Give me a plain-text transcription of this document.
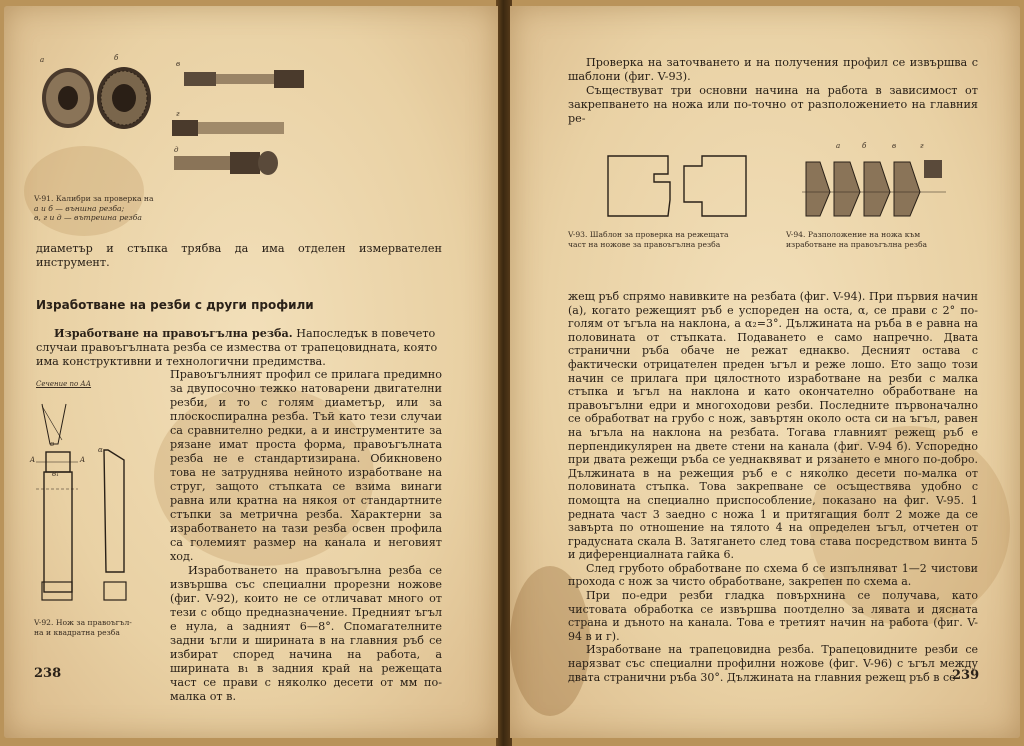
а	б
в
г
д
V-91. Калибри за проверка на
а и б — външна резба;
в, г и д — вътрешна резба

диаметър и стъпка трябва да има отделен измервателен инструмент.

Изработване на резби с други профили

Изработване на правоъгълна резба. Напоследък в повечето

случаи правоъгълната резба се измества от трапецовидната, която

има конструктивни и технологични предимства.

Сечение по АА
A	A
в
в₁
α
V-92. Нож за правоъгъл-
на и квадратна резба

Правоъгълният профил се прилага предимно за двупосочно тежко натоварени двигателни резби, и то с голям диаметър, или за плоскоспирална резба. Тъй като тези случаи са сравнително редки, а и инструментите за рязане имат проста форма, правоъгълната резба не е стандартизирана. Обикновено това не затруднява нейното изработване на струг, защото стъпката се взима винаги равна или кратна на някоя от стандартните стъпки за метрична резба. Характерни за изработването на тази резба освен профила са големият размер на канала и неговият ход.

Изработването на правоъгълна резба се извършва със специални прорезни ножове (фиг. V-92), които не се отличават много от тези с общо предназначение. Предният ъгъл е нула, а задният 6—8°. Спомагателните задни ъгли и ширината в на главния ръб се избират според начина на работа, а ширината в₁ в задния край на режещата част се прави с няколко десети от мм по-малка от в.

238

Проверка на заточването и на получения профил се извършва с шаблони (фиг. V-93).

Съществуват три основни начина на работа в зависимост от закрепването на ножа или по-точно от разположението на главния ре-

V-93. Шаблон за проверка на режещата
част на ножове за правоъгълна резба
а	б	в	г
V-94. Разположение на ножа към
изработване на правоъгълна резба

жещ ръб спрямо навивките на резбата (фиг. V-94). При първия начин (а), когато режещият ръб е успореден на оста, α, се прави с 2° по-голям от ъгъла на наклона, а α₂=3°. Дължината на ръба в е равна на половината от стъпката. Подаването е само напречно. Двата странични ръба обаче не режат еднакво. Десният остава с фактически отрицателен преден ъгъл и реже лошо. Ето защо този начин се прилага при цялостното изработване на резби с малка стъпка и ъгъл на наклона и като окончателно обработване на правоъгълни едри и многоходови резби. Последните първоначално се обработват на грубо с нож, завъртян около оста си на ъгъл, равен на ъгъла на наклона на резбата. Тогава главният режещ ръб е перпендикулярен на двете стени на канала (фиг. V-94 б). Успоредно при двата режещи ръба се уеднаквяват и рязането е много по-добро. Дължината в на режещия ръб е с няколко десети по-малка от половината стъпка. Това закрепване се осъществява удобно с помощта на специално приспособление, показано на фиг. V-95. 1 редната част 3 заедно с ножа 1 и притягащия болт 2 може да се завърта по отношение на тялото 4 на определен ъгъл, отчетен от градусната скала B. Затягането след това става посредством винта 5 и диференциалната гайка 6.

След грубото обработване по схема б се изпълняват 1—2 чистови прохода с нож за чисто обработване, закрепен по схема а.

При по-едри резби гладка повърхнина се получава, като чистовата обработка се извършва поотделно за лявата и дясната страна и дъното на канала. Това е третият начин на работа (фиг. V-94 в и г).

Изработване на трапецовидна резба. Трапецовидните резби се нарязват със специални профилни ножове (фиг. V-96) с ъгъл между двата странични ръба 30°. Дължината на главния режещ ръб в се

239
